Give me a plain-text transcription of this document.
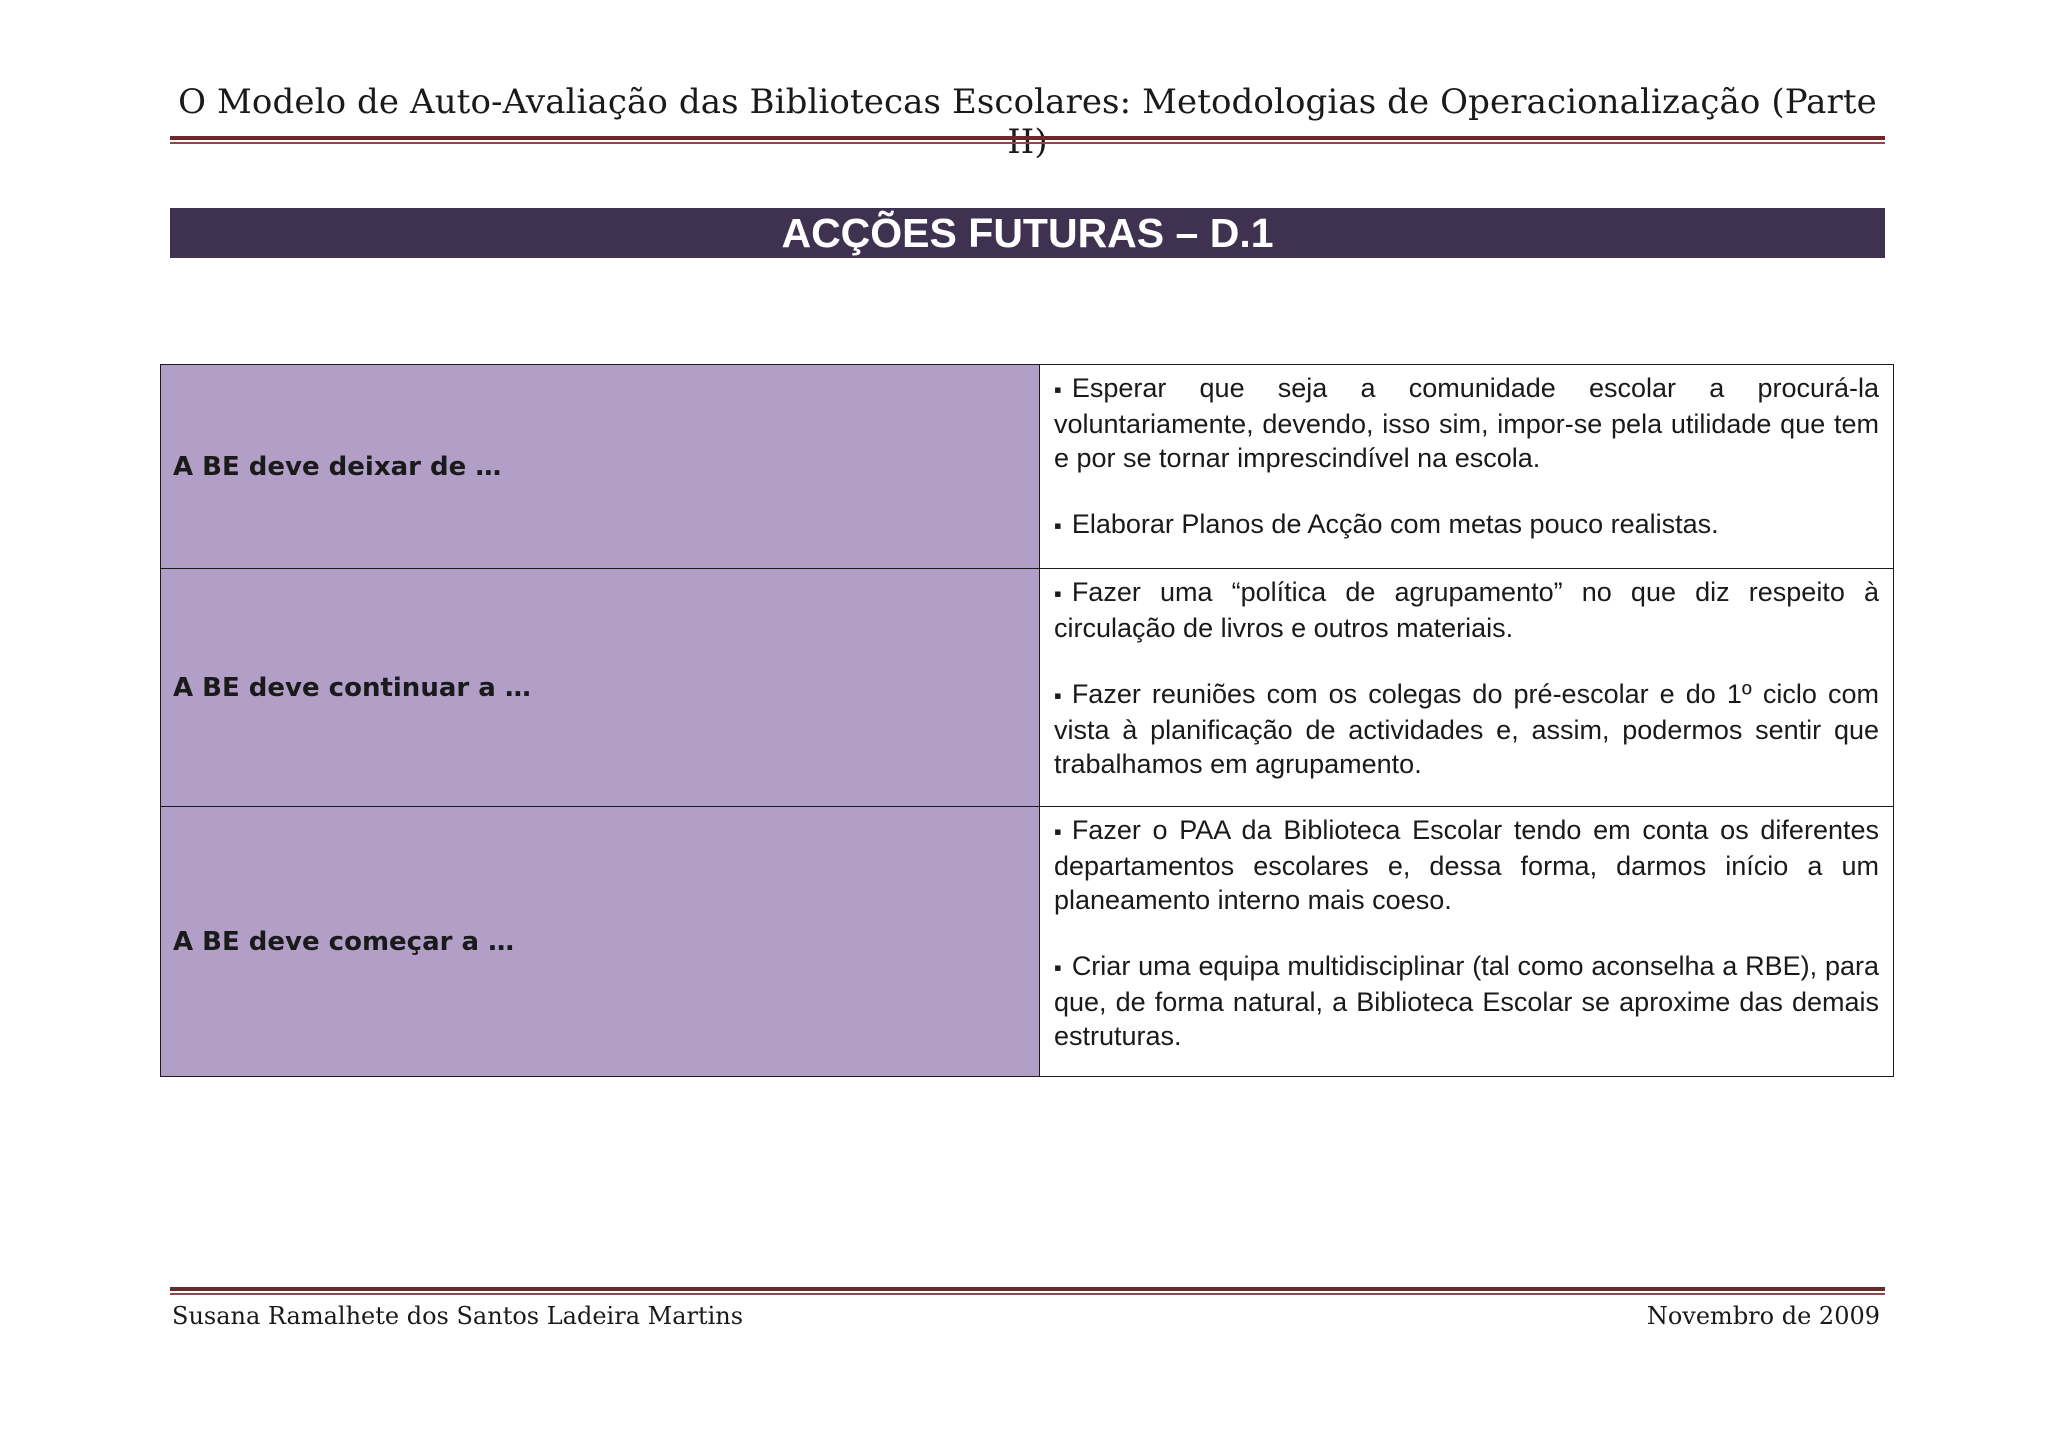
O Modelo de Auto-Avaliação das Bibliotecas Escolares: Metodologias de Operacionalização (Parte
ACÇÕES FUTURAS – D.1
A BE deve deixar de …	▪ Esperar que seja a comunidade escolar a procurá-la voluntariamente, devendo, isso sim, impor-se pela utilidade que tem e por se tornar imprescindível na escola.

▪ Elaborar Planos de Acção com metas pouco realistas.

A BE deve continuar a …	▪ Fazer uma “política de agrupamento” no que diz respeito à circulação de livros e outros materiais.

▪ Fazer reuniões com os colegas do pré-escolar e do 1º ciclo com vista à planificação de actividades e, assim, podermos sentir que trabalhamos em agrupamento.

A BE deve começar a …	▪ Fazer o PAA da Biblioteca Escolar tendo em conta os diferentes departamentos escolares e, dessa forma, darmos início a um planeamento interno mais coeso.

▪ Criar uma equipa multidisciplinar (tal como aconselha a RBE), para que, de forma natural, a Biblioteca Escolar se aproxime das demais estruturas.

Susana Ramalhete dos Santos Ladeira Martins	Novembro de 2009
